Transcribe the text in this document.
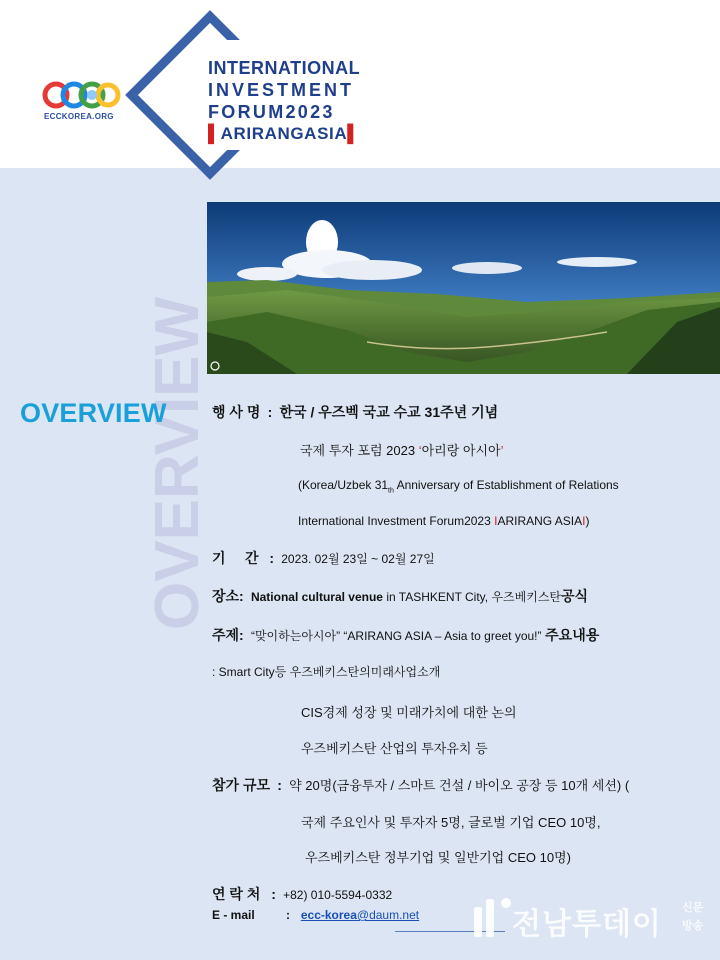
ECCKOREA.ORG
INTERNATIONAL
INVESTMENT
FORUM2023
▌ARIRANGASIA▌
OVERVIEW
OVERVIEW	행 사 명 : 한국 / 우즈벡 국교 수교 31주년 기념
국제 투자 포럼 2023 ‘아리랑 아시아’
(Korea/Uzbek $31_{th}$ Anniversary of Establishment of Relations
International Investment Forum2023 IARIRANG ASIAI)
기     간 : 2023. 02월 23일 ~ 02월 27일
장소: National cultural venue in TASHKENT City, 우즈베키스탄공식
주제: “맞이하는아시아” “ARIRANG ASIA – Asia to greet you!” 주요내용
: Smart City등 우즈베키스탄의미래사업소개
CIS경제 성장 및 미래가치에 대한 논의
우즈베키스탄 산업의 투자유치 등
참가 규모 : 약 20명(금융투자 / 스마트 건설 / 바이오 공장 등 10개 세션) (
국제 주요인사 및 투자자 5명, 글로벌 기업 CEO 10명,
우즈베키스탄 정부기업 및 일반기업 CEO 10명)
연 락 처 : +82) 010-5594-0332
E - mail	: ecc-korea@daum.net	전남투데이 신문
방송
